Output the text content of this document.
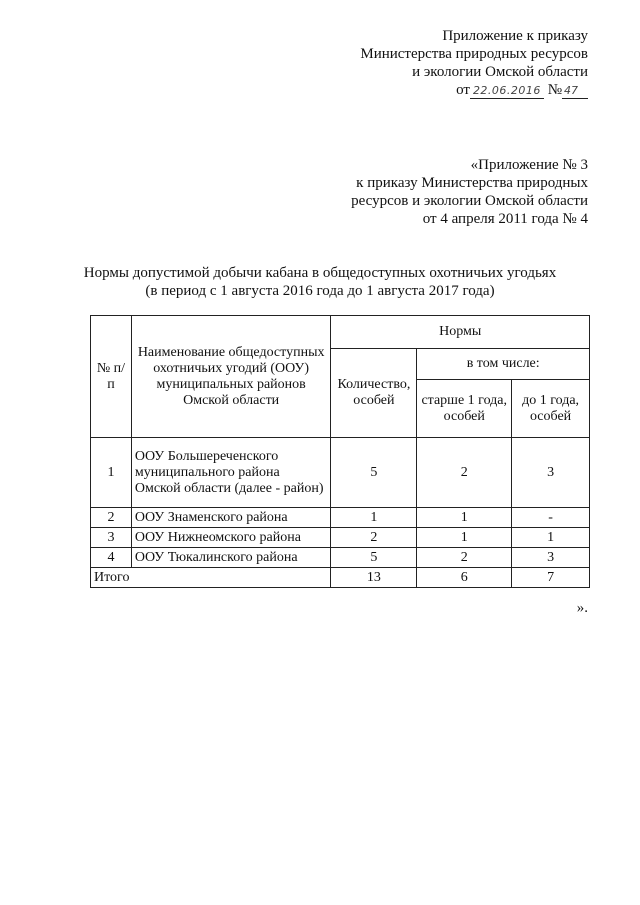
Приложение к приказу
Министерства природных ресурсов
и экологии Омской области
от 22.06.2016 № 47
«Приложение № 3
к приказу Министерства природных
ресурсов и экологии Омской области
от 4 апреля 2011 года № 4
Нормы допустимой добычи кабана в общедоступных охотничьих угодьях
(в период с 1 августа 2016 года до 1 августа 2017 года)
№ п/п	Наименование общедоступных охотничьих угодий (ООУ) муниципальных районов Омской области	Нормы		
		Количество, особей	в том числе:	
			старше 1 года, особей	до 1 года, особей
1	ООУ Большереченского муниципального района Омской области (далее - район)	5	2	3
2	ООУ Знаменского района	1	1	-
3	ООУ Нижнеомского района	2	1	1
4	ООУ Тюкалинского района	5	2	3
Итого		13	6	7
».
